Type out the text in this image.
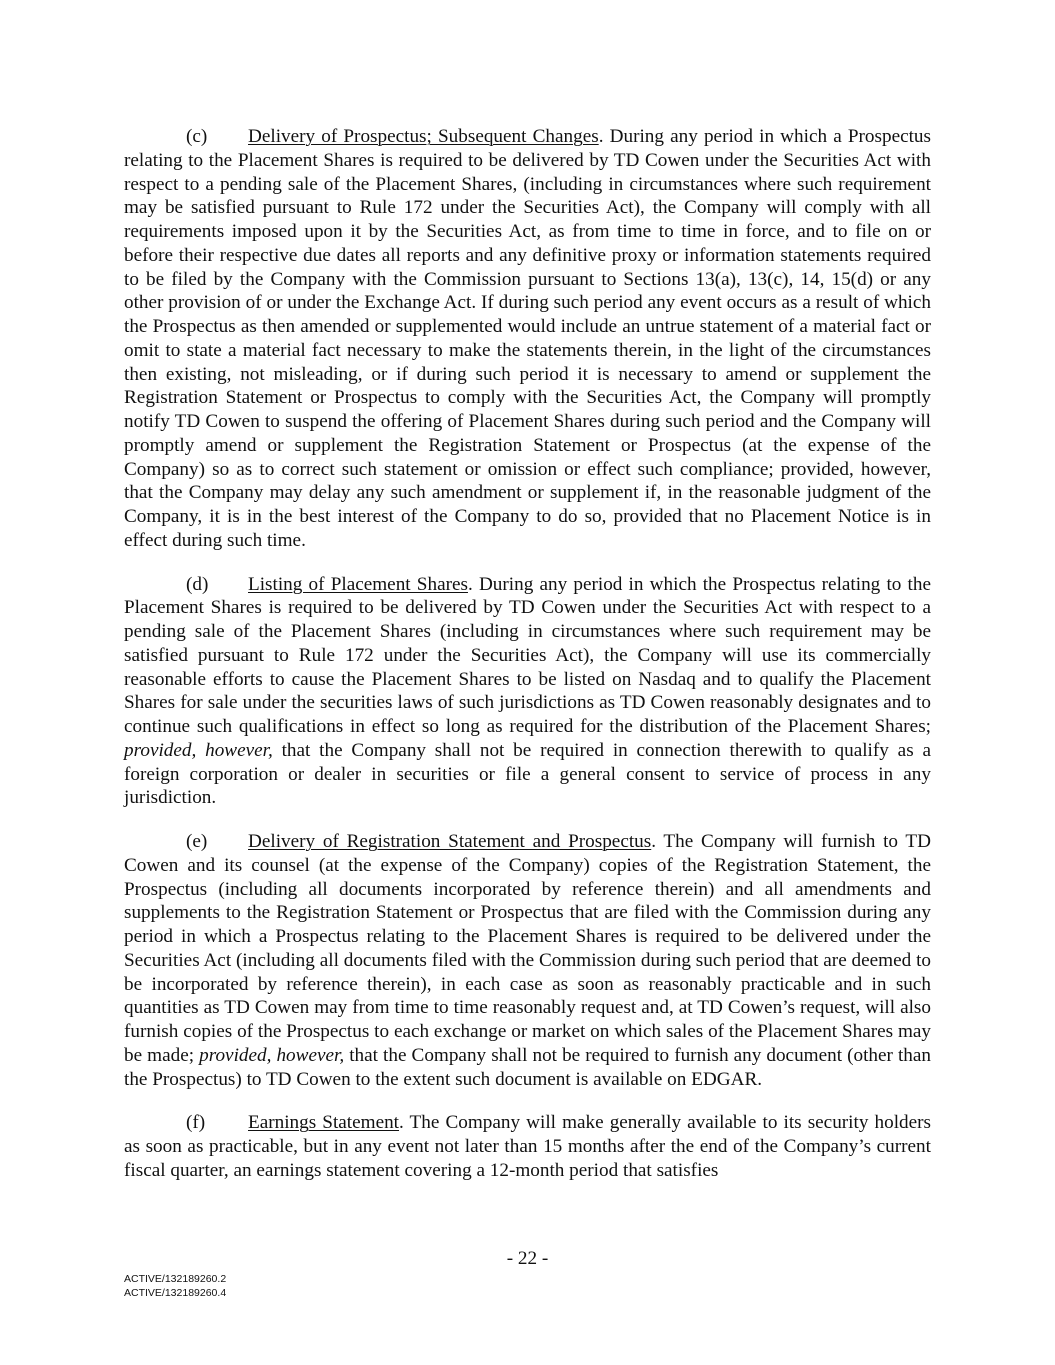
(c) Delivery of Prospectus; Subsequent Changes. During any period in which a Prospectus relating to the Placement Shares is required to be delivered by TD Cowen under the Securities Act with respect to a pending sale of the Placement Shares, (including in circumstances where such requirement may be satisfied pursuant to Rule 172 under the Securities Act), the Company will comply with all requirements imposed upon it by the Securities Act, as from time to time in force, and to file on or before their respective due dates all reports and any definitive proxy or information statements required to be filed by the Company with the Commission pursuant to Sections 13(a), 13(c), 14, 15(d) or any other provision of or under the Exchange Act. If during such period any event occurs as a result of which the Prospectus as then amended or supplemented would include an untrue statement of a material fact or omit to state a material fact necessary to make the statements therein, in the light of the circumstances then existing, not misleading, or if during such period it is necessary to amend or supplement the Registration Statement or Prospectus to comply with the Securities Act, the Company will promptly notify TD Cowen to suspend the offering of Placement Shares during such period and the Company will promptly amend or supplement the Registration Statement or Prospectus (at the expense of the Company) so as to correct such statement or omission or effect such compliance; provided, however, that the Company may delay any such amendment or supplement if, in the reasonable judgment of the Company, it is in the best interest of the Company to do so, provided that no Placement Notice is in effect during such time.

(d) Listing of Placement Shares. During any period in which the Prospectus relating to the Placement Shares is required to be delivered by TD Cowen under the Securities Act with respect to a pending sale of the Placement Shares (including in circumstances where such requirement may be satisfied pursuant to Rule 172 under the Securities Act), the Company will use its commercially reasonable efforts to cause the Placement Shares to be listed on Nasdaq and to qualify the Placement Shares for sale under the securities laws of such jurisdictions as TD Cowen reasonably designates and to continue such qualifications in effect so long as required for the distribution of the Placement Shares; provided, however, that the Company shall not be required in connection therewith to qualify as a foreign corporation or dealer in securities or file a general consent to service of process in any jurisdiction.

(e) Delivery of Registration Statement and Prospectus. The Company will furnish to TD Cowen and its counsel (at the expense of the Company) copies of the Registration Statement, the Prospectus (including all documents incorporated by reference therein) and all amendments and supplements to the Registration Statement or Prospectus that are filed with the Commission during any period in which a Prospectus relating to the Placement Shares is required to be delivered under the Securities Act (including all documents filed with the Commission during such period that are deemed to be incorporated by reference therein), in each case as soon as reasonably practicable and in such quantities as TD Cowen may from time to time reasonably request and, at TD Cowen’s request, will also furnish copies of the Prospectus to each exchange or market on which sales of the Placement Shares may be made; provided, however, that the Company shall not be required to furnish any document (other than the Prospectus) to TD Cowen to the extent such document is available on EDGAR.

(f) Earnings Statement. The Company will make generally available to its security holders as soon as practicable, but in any event not later than 15 months after the end of the Company’s current fiscal quarter, an earnings statement covering a 12-month period that satisfies

- 22 -
ACTIVE/132189260.2
ACTIVE/132189260.4
